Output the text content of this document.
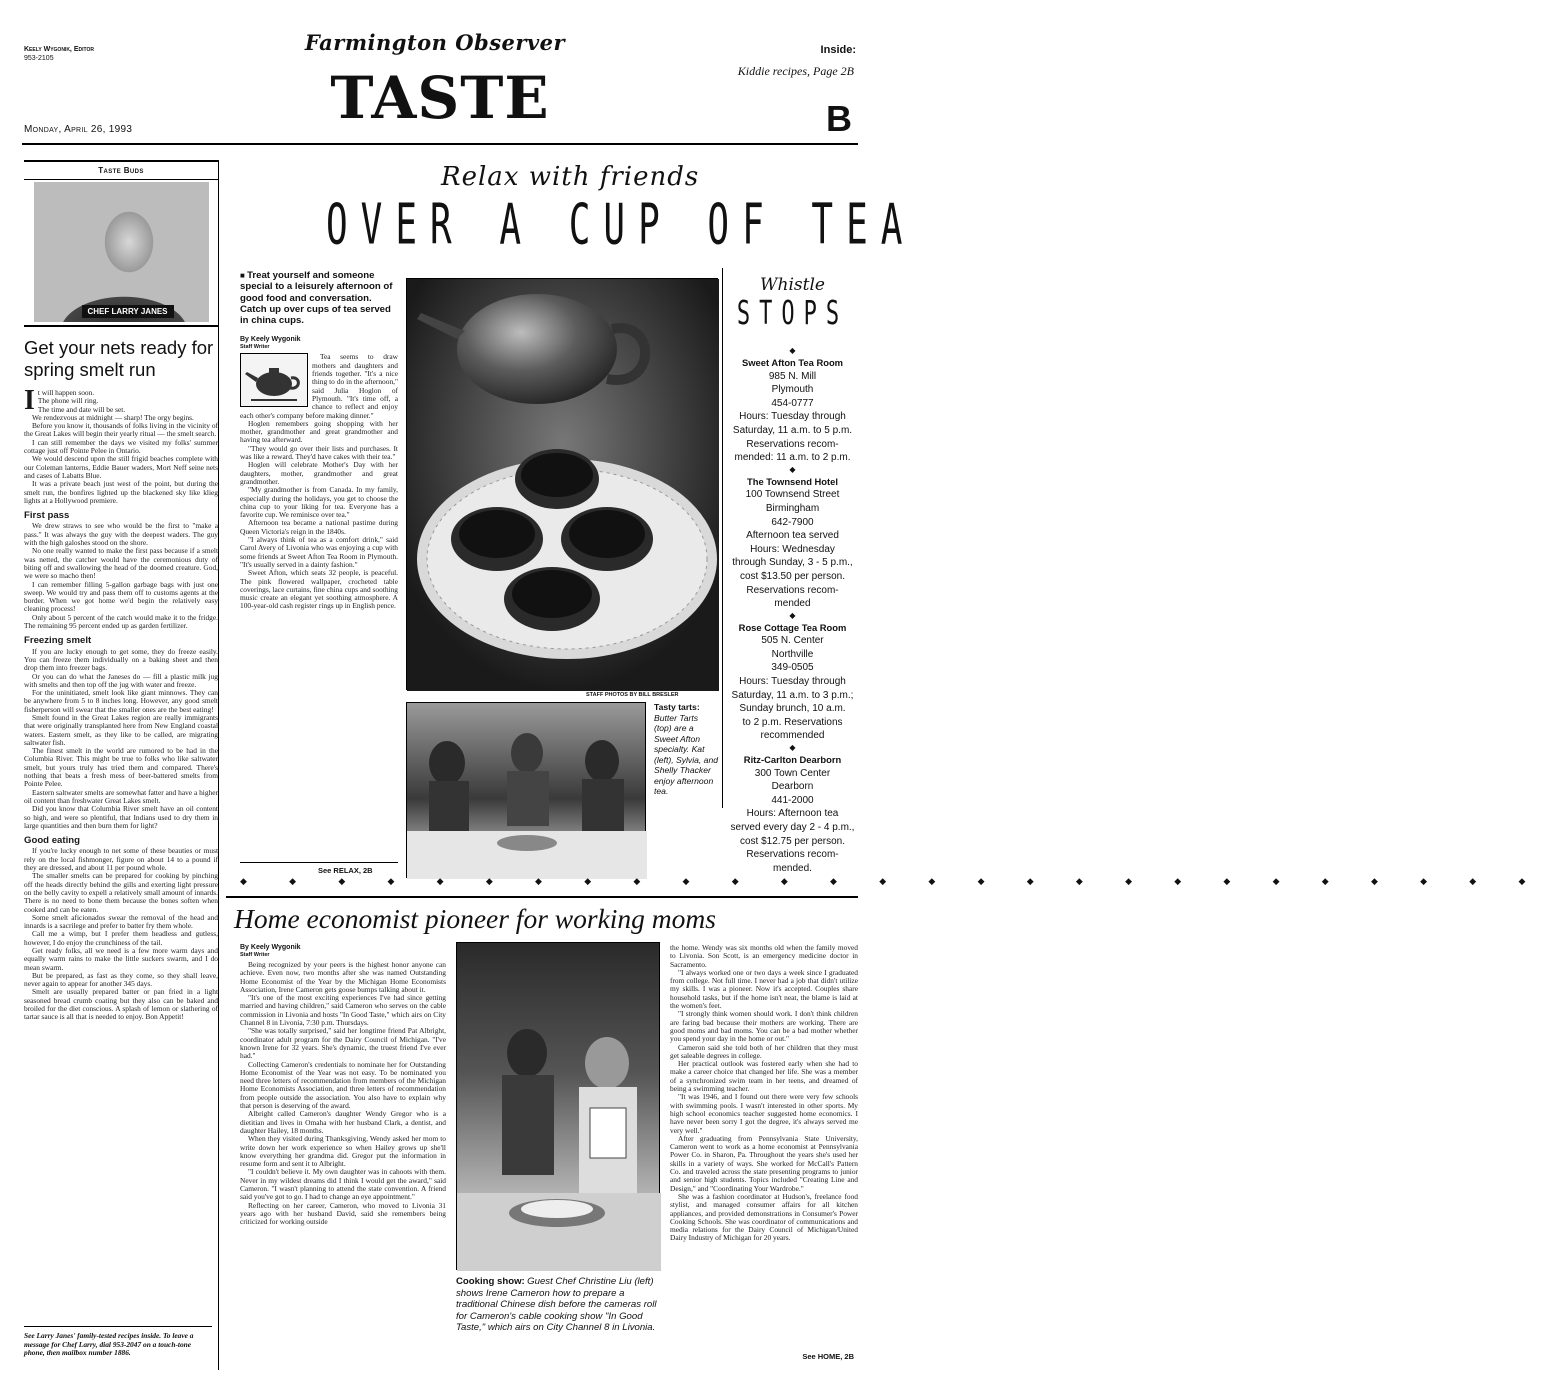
Keely Wygonik, Editor
953-2105
Farmington Observer
TASTE
Inside:
Kiddie recipes, Page 2B
Monday, April 26, 1993	B
Taste Buds
CHEF LARRY JANES
Get your nets ready for spring smelt run
I t will happen soon.
The phone will ring.
The time and date will be set.

We rendezvous at midnight — sharp! The orgy begins.

Before you know it, thousands of folks living in the vicinity of the Great Lakes will begin their yearly ritual — the smelt search.

I can still remember the days we visited my folks' summer cottage just off Pointe Pelee in Ontario.

We would descend upon the still frigid beaches complete with our Coleman lanterns, Eddie Bauer waders, Mort Neff seine nets and cases of Labatts Blue.

It was a private beach just west of the point, but during the smelt run, the bonfires lighted up the blackened sky like klieg lights at a Hollywood premiere.

First pass

We drew straws to see who would be the first to "make a pass." It was always the guy with the deepest waders. The guy with the high galoshes stood on the shore.

No one really wanted to make the first pass because if a smelt was netted, the catcher would have the ceremonious duty of biting off and swallowing the head of the doomed creature. God, we were so macho then!

I can remember filling 5-gallon garbage bags with just one sweep. We would try and pass them off to customs agents at the border. When we got home we'd begin the relatively easy cleaning process!

Only about 5 percent of the catch would make it to the fridge. The remaining 95 percent ended up as garden fertilizer.

Freezing smelt

If you are lucky enough to get some, they do freeze easily. You can freeze them individually on a baking sheet and then drop them into freezer bags.

Or you can do what the Janeses do — fill a plastic milk jug with smelts and then top off the jug with water and freeze.

For the uninitiated, smelt look like giant minnows. They can be anywhere from 5 to 8 inches long. However, any good smelt fisherperson will swear that the smaller ones are the best eating!

Smelt found in the Great Lakes region are really immigrants that were originally transplanted here from New England coastal waters. Eastern smelt, as they like to be called, are migrating saltwater fish.

The finest smelt in the world are rumored to be had in the Columbia River. This might be true to folks who like saltwater smelt, but yours truly has tried them and compared. There's nothing that beats a fresh mess of beer-battered smelts from Pointe Pelee.

Eastern saltwater smelts are somewhat fatter and have a higher oil content than freshwater Great Lakes smelt.

Did you know that Columbia River smelt have an oil content so high, and were so plentiful, that Indians used to dry them in large quantities and then burn them for light?

Good eating

If you're lucky enough to net some of these beauties or must rely on the local fishmonger, figure on about 14 to a pound if they are dressed, and about 11 per pound whole.

The smaller smelts can be prepared for cooking by pinching off the heads directly behind the gills and exerting light pressure on the belly cavity to expell a relatively small amount of innards. There is no need to bone them because the bones soften when cooked and can be eaten.

Some smelt aficionados swear the removal of the head and innards is a sacrilege and prefer to batter fry them whole.

Call me a wimp, but I prefer them headless and gutless, however, I do enjoy the crunchiness of the tail.

Get ready folks, all we need is a few more warm days and equally warm rains to make the little suckers swarm, and I do mean swarm.

But be prepared, as fast as they come, so they shall leave, never again to appear for another 345 days.

Smelt are usually prepared batter or pan fried in a light seasoned bread crumb coating but they also can be baked and broiled for the diet conscious. A splash of lemon or slathering of tartar sauce is all that is needed to enjoy. Bon Appetit!

See Larry Janes' family-tested recipes inside. To leave a message for Chef Larry, dial 953-2047 on a touch-tone phone, then mailbox number 1886.
Relax with friends
OVER A CUP OF TEA
■ Treat yourself and someone special to a leisurely afternoon of good food and conversation. Catch up over cups of tea served in china cups.
By Keely Wygonik
Staff Writer

Tea seems to draw mothers and daughters and friends together. "It's a nice thing to do in the afternoon," said Julia Hoglon of Plymouth. "It's time off, a chance to reflect and enjoy each other's company before making dinner."

Hoglen remembers going shopping with her mother, grandmother and great grandmother and having tea afterward.

"They would go over their lists and purchases. It was like a reward. They'd have cakes with their tea."

Hoglen will celebrate Mother's Day with her daughters, mother, grandmother and great grandmother.

"My grandmother is from Canada. In my family, especially during the holidays, you get to choose the china cup to your liking for tea. Everyone has a favorite cup. We reminisce over tea."

Afternoon tea became a national pastime during Queen Victoria's reign in the 1840s.

"I always think of tea as a comfort drink," said Carol Avery of Livonia who was enjoying a cup with some friends at Sweet Afton Tea Room in Plymouth. "It's usually served in a dainty fashion."

Sweet Afton, which seats 32 people, is peaceful. The pink flowered wallpaper, crocheted table coverings, lace curtains, fine china cups and soothing music create an elegant yet soothing atmosphere. A 100-year-old cash register rings up in English pence.

STAFF PHOTOS BY BILL BRESLER
Tasty tarts: Butter Tarts (top) are a Sweet Afton specialty. Kat (left), Sylvia, and Shelly Thacker enjoy afternoon tea.
See RELAX, 2B
Whistle
STOPS
◆
Sweet Afton Tea Room
985 N. Mill
Plymouth
454-0777
Hours: Tuesday through
Saturday, 11 a.m. to 5 p.m.
Reservations recom-
mended: 11 a.m. to 2 p.m.
◆
The Townsend Hotel
100 Townsend Street
Birmingham
642-7900
Afternoon tea served
Hours: Wednesday
through Sunday, 3 - 5 p.m.,
cost $13.50 per person.
Reservations recom-
mended
◆
Rose Cottage Tea Room
505 N. Center
Northville
349-0505
Hours: Tuesday through
Saturday, 11 a.m. to 3 p.m.;
Sunday brunch, 10 a.m.
to 2 p.m. Reservations
recommended
◆
Ritz-Carlton Dearborn
300 Town Center
Dearborn
441-2000
Hours: Afternoon tea
served every day 2 - 4 p.m.,
cost $12.75 per person.
Reservations recom-
mended.
◆ ◆ ◆ ◆ ◆ ◆ ◆ ◆ ◆ ◆ ◆ ◆ ◆ ◆ ◆ ◆ ◆ ◆ ◆ ◆ ◆ ◆ ◆ ◆ ◆ ◆ ◆
Home economist pioneer for working moms
By Keely Wygonik
Staff Writer

Being recognized by your peers is the highest honor anyone can achieve. Even now, two months after she was named Outstanding Home Economist of the Year by the Michigan Home Economists Association, Irene Cameron gets goose bumps talking about it.

"It's one of the most exciting experiences I've had since getting married and having children," said Cameron who serves on the cable commission in Livonia and hosts "In Good Taste," which airs on City Channel 8 in Livonia, 7:30 p.m. Thursdays.

"She was totally surprised," said her longtime friend Pat Albright, coordinator adult program for the Dairy Council of Michigan. "I've known Irene for 32 years. She's dynamic, the truest friend I've ever had."

Collecting Cameron's credentials to nominate her for Outstanding Home Economist of the Year was not easy. To be nominated you need three letters of recommendation from members of the Michigan Home Economists Association, and three letters of recommendation from people outside the association. You also have to explain why that person is deserving of the award.

Albright called Cameron's daughter Wendy Gregor who is a dietitian and lives in Omaha with her husband Clark, a dentist, and daughter Hailey, 18 months.

When they visited during Thanksgiving, Wendy asked her mom to write down her work experience so when Hailey grows up she'll know everything her grandma did. Gregor put the information in resume form and sent it to Albright.

"I couldn't believe it. My own daughter was in cahoots with them. Never in my wildest dreams did I think I would get the award," said Cameron. "I wasn't planning to attend the state convention. A friend said you've got to go. I had to change an eye appointment."

Reflecting on her career, Cameron, who moved to Livonia 31 years ago with her husband David, said she remembers being criticized for working outside

Cooking show: Guest Chef Christine Liu (left) shows Irene Cameron how to prepare a traditional Chinese dish before the cameras roll for Cameron's cable cooking show "In Good Taste," which airs on City Channel 8 in Livonia.

the home. Wendy was six months old when the family moved to Livonia. Son Scott, is an emergency medicine doctor in Sacramento.

"I always worked one or two days a week since I graduated from college. Not full time. I never had a job that didn't utilize my skills. I was a pioneer. Now it's accepted. Couples share household tasks, but if the home isn't neat, the blame is laid at the women's feet.

"I strongly think women should work. I don't think children are faring bad because their mothers are working. There are good moms and bad moms. You can be a bad mother whether you spend your day in the home or out."

Cameron said she told both of her children that they must get saleable degrees in college.

Her practical outlook was fostered early when she had to make a career choice that changed her life. She was a member of a synchronized swim team in her teens, and dreamed of being a swimming teacher.

"It was 1946, and I found out there were very few schools with swimming pools. I wasn't interested in other sports. My high school economics teacher suggested home economics. I have never been sorry I got the degree, it's always served me very well."

After graduating from Pennsylvania State University, Cameron went to work as a home economist at Pennsylvania Power Co. in Sharon, Pa. Throughout the years she's used her skills in a variety of ways. She worked for McCall's Pattern Co. and traveled across the state presenting programs to junior and senior high students. Topics included "Creating Line and Design," and "Coordinating Your Wardrobe."

She was a fashion coordinator at Hudson's, freelance food stylist, and managed consumer affairs for all kitchen appliances, and provided demonstrations in Consumer's Power Cooking Schools. She was coordinator of communications and media relations for the Dairy Council of Michigan/United Dairy Industry of Michigan for 20 years.

See HOME, 2B
